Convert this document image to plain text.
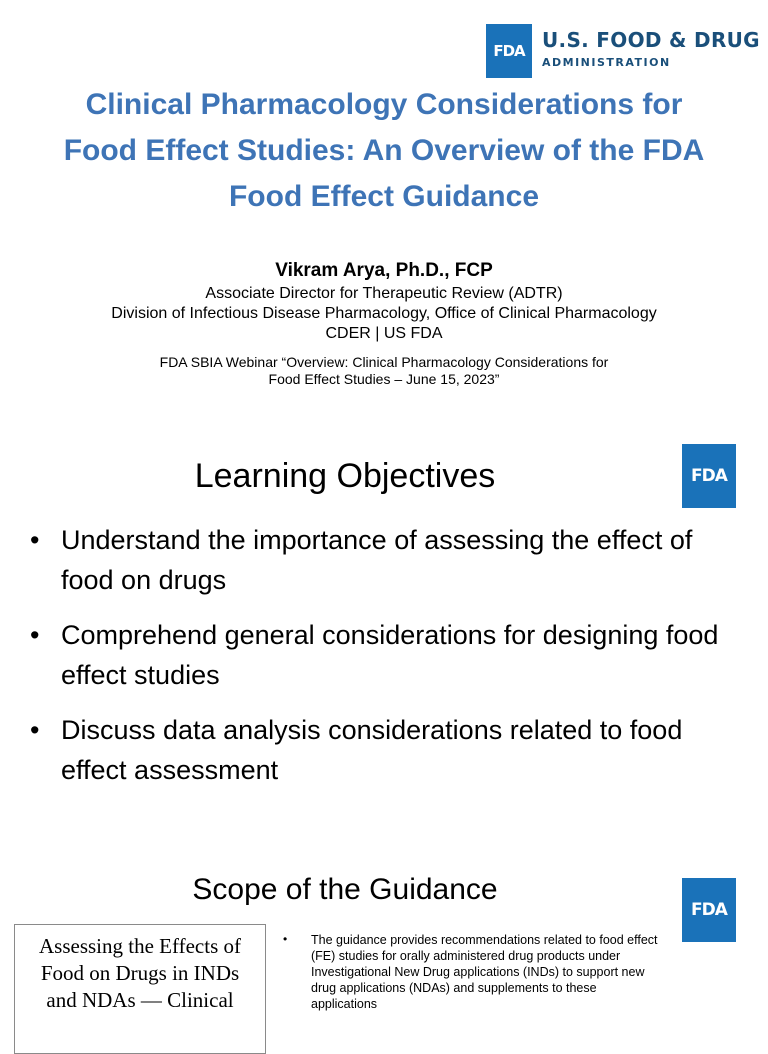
FDA U.S. FOOD & DRUG
ADMINISTRATION
Clinical Pharmacology Considerations for
Food Effect Studies: An Overview of the FDA
Food Effect Guidance
Vikram Arya, Ph.D., FCP
Associate Director for Therapeutic Review (ADTR)
Division of Infectious Disease Pharmacology, Office of Clinical Pharmacology
CDER | US FDA
FDA SBIA Webinar “Overview: Clinical Pharmacology Considerations for Food Effect Studies – June 15, 2023”
Learning Objectives	FDA
• Understand the importance of assessing the effect of food on drugs
• Comprehend general considerations for designing food effect studies
• Discuss data analysis considerations related to food effect assessment
Scope of the Guidance
FDA
Assessing the Effects of
Food on Drugs in INDs
and NDAs — Clinical
• The guidance provides recommendations related to food effect (FE) studies for orally administered drug products under Investigational New Drug applications (INDs) to support new drug applications (NDAs) and supplements to these applications
